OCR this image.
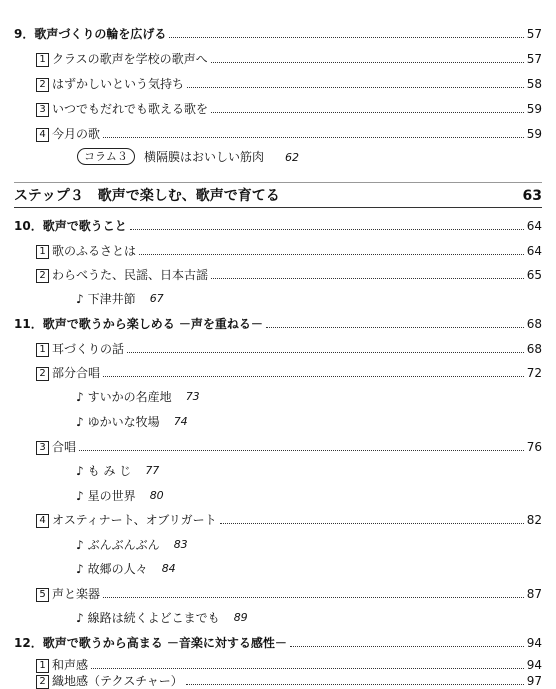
9．歌声づくりの輪を広げる	57
1 クラスの歌声を学校の歌声へ	57
2 はずかしいという気持ち	58
3 いつでもだれでも歌える歌を	59
4 今月の歌	59
コラム３	横隔膜はおいしい筋肉 62
ステップ３　歌声で楽しむ、歌声で育てる	63
10．歌声で歌うこと	64
1 歌のふるさとは	64
2 わらべうた、民謡、日本古謡	65
♪ 下津井節 67
11．歌声で歌うから楽しめる －声を重ねる－	68
1 耳づくりの話	68
2 部分合唱	72
♪ すいかの名産地 73
♪ ゆかいな牧場 74
3 合唱	76
♪ も み じ 77
♪ 星の世界 80
4 オスティナート、オブリガート	82
♪ ぶんぶんぶん 83
♪ 故郷の人々 84
5 声と楽器	87
♪ 線路は続くよどこまでも 89
12．歌声で歌うから高まる －音楽に対する感性－	94
1 和声感	94
2 織地感（テクスチャー）	97
